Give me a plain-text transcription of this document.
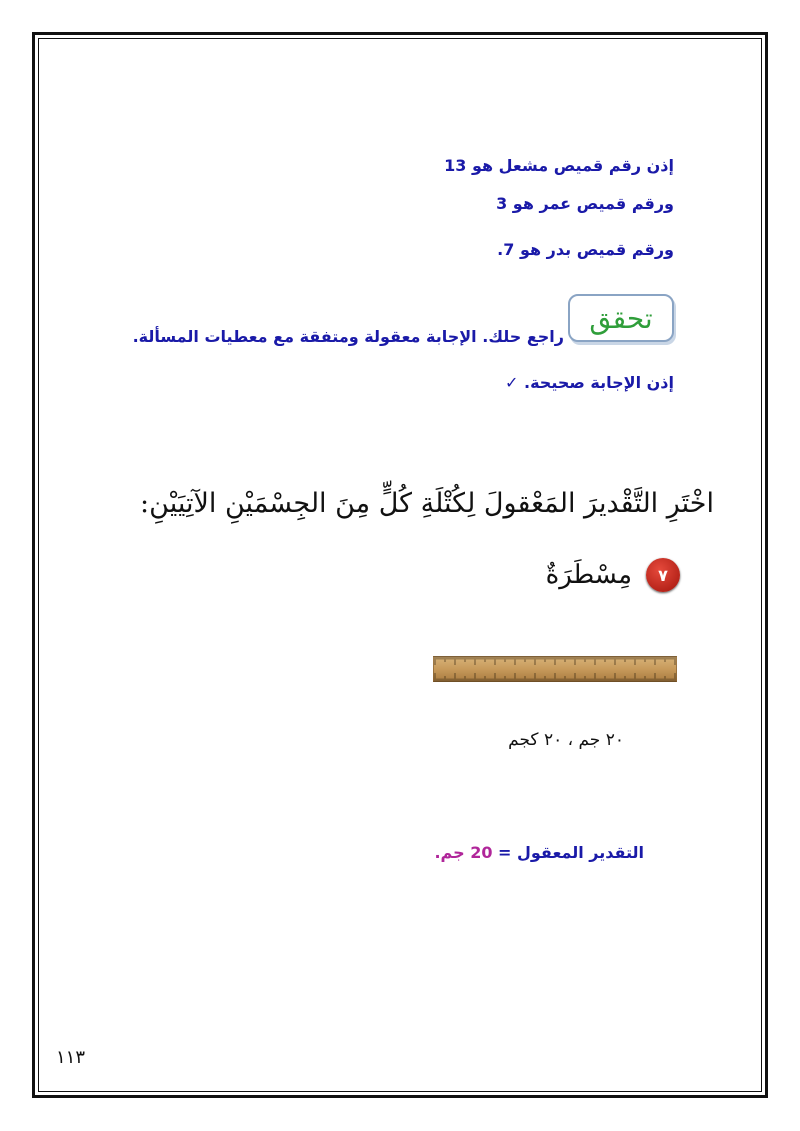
إذن رقم قميص مشعل هو 13
ورقم قميص عمر هو 3
ورقم قميص بدر هو 7.
تحقق
راجع حلك. الإجابة معقولة ومتفقة مع معطيات المسألة.
إذن الإجابة صحيحة. ✓
اخْتَرِ التَّقْديرَ المَعْقولَ لِكُتْلَةِ كُلٍّ مِنَ الجِسْمَيْنِ الآتِيَيْنِ:
٧
مِسْطَرَةٌ
٢٠ جم ، ٢٠ كجم
التقدير المعقول = 20 جم.
١١٣
